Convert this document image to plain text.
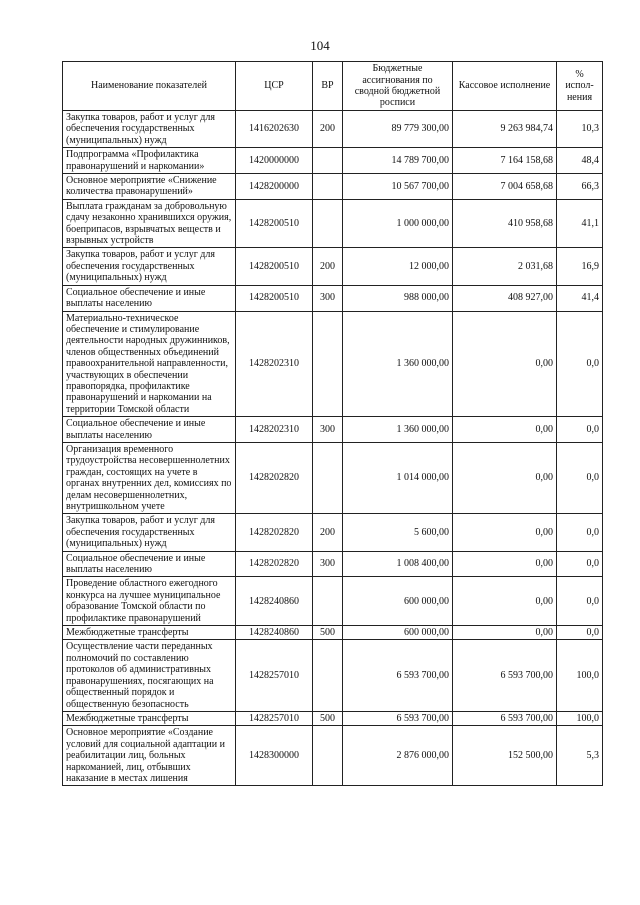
104
Наименование показателей	ЦСР	ВР	Бюджетные ассигнования по сводной бюджетной росписи	Кассовое исполнение	% испол-нения
Закупка товаров, работ и услуг для обеспечения государственных (муниципальных) нужд	1416202630	200	89 779 300,00	9 263 984,74	10,3
Подпрограмма «Профилактика правонарушений и наркомании»	1420000000		14 789 700,00	7 164 158,68	48,4
Основное мероприятие «Снижение количества правонарушений»	1428200000		10 567 700,00	7 004 658,68	66,3
Выплата гражданам за добровольную сдачу незаконно хранившихся оружия, боеприпасов, взрывчатых веществ и взрывных устройств	1428200510		1 000 000,00	410 958,68	41,1
Закупка товаров, работ и услуг для обеспечения государственных (муниципальных) нужд	1428200510	200	12 000,00	2 031,68	16,9
Социальное обеспечение и иные выплаты населению	1428200510	300	988 000,00	408 927,00	41,4
Материально-техническое обеспечение и стимулирование деятельности народных дружинников, членов общественных объединений правоохранительной направленности, участвующих в обеспечении правопорядка, профилактике правонарушений и наркомании на территории Томской области	1428202310		1 360 000,00	0,00	0,0
Социальное обеспечение и иные выплаты населению	1428202310	300	1 360 000,00	0,00	0,0
Организация временного трудоустройства несовершеннолетних граждан, состоящих на учете в органах внутренних дел, комиссиях по делам несовершеннолетних, внутришкольном учете	1428202820		1 014 000,00	0,00	0,0
Закупка товаров, работ и услуг для обеспечения государственных (муниципальных) нужд	1428202820	200	5 600,00	0,00	0,0
Социальное обеспечение и иные выплаты населению	1428202820	300	1 008 400,00	0,00	0,0
Проведение областного ежегодного конкурса на лучшее муниципальное образование Томской области по профилактике правонарушений	1428240860		600 000,00	0,00	0,0
Межбюджетные трансферты	1428240860	500	600 000,00	0,00	0,0
Осуществление части переданных полномочий по составлению протоколов об административных правонарушениях, посягающих на общественный порядок и общественную безопасность	1428257010		6 593 700,00	6 593 700,00	100,0
Межбюджетные трансферты	1428257010	500	6 593 700,00	6 593 700,00	100,0
Основное мероприятие «Создание условий для социальной адаптации и реабилитации лиц, больных наркоманией, лиц, отбывших наказание в местах лишения	1428300000		2 876 000,00	152 500,00	5,3
